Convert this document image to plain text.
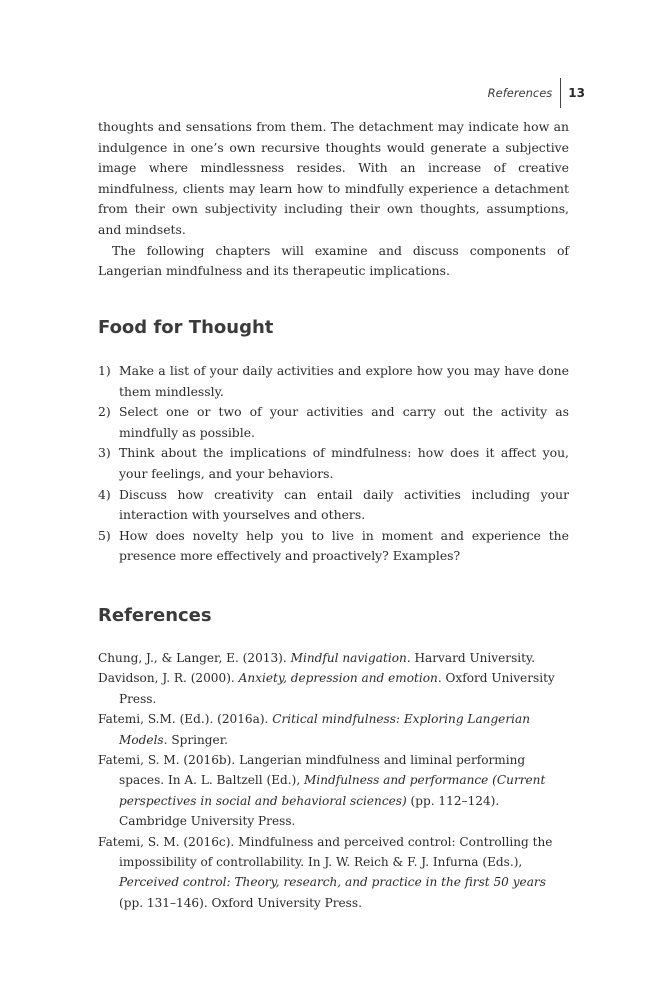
References	13

thoughts and sensations from them. The detachment may indicate how an indulgence in one’s own recursive thoughts would generate a subjective image where mindlessness resides. With an increase of creative mindfulness, clients may learn how to mindfully experience a detachment from their own subjectivity including their own thoughts, assumptions, and mindsets.

The following chapters will examine and discuss components of Langerian mindfulness and its therapeutic implications.

Food for Thought
1) Make a list of your daily activities and explore how you may have done them mindlessly.
2) Select one or two of your activities and carry out the activity as mindfully as possible.
3) Think about the implications of mindfulness: how does it affect you, your feelings, and your behaviors.
4) Discuss how creativity can entail daily activities including your interaction with yourselves and others.
5) How does novelty help you to live in moment and experience the presence more effectively and proactively? Examples?
References

Chung, J., & Langer, E. (2013). Mindful navigation. Harvard University.

Davidson, J. R. (2000). Anxiety, depression and emotion. Oxford University Press.

Fatemi, S.M. (Ed.). (2016a). Critical mindfulness: Exploring Langerian Models. Springer.

Fatemi, S. M. (2016b). Langerian mindfulness and liminal performing spaces. In A. L. Baltzell (Ed.), Mindfulness and performance (Current perspectives in social and behavioral sciences) (pp. 112–124). Cambridge University Press.

Fatemi, S. M. (2016c). Mindfulness and perceived control: Controlling the impossibility of controllability. In J. W. Reich & F. J. Infurna (Eds.), Perceived control: Theory, research, and practice in the first 50 years (pp. 131–146). Oxford University Press.
